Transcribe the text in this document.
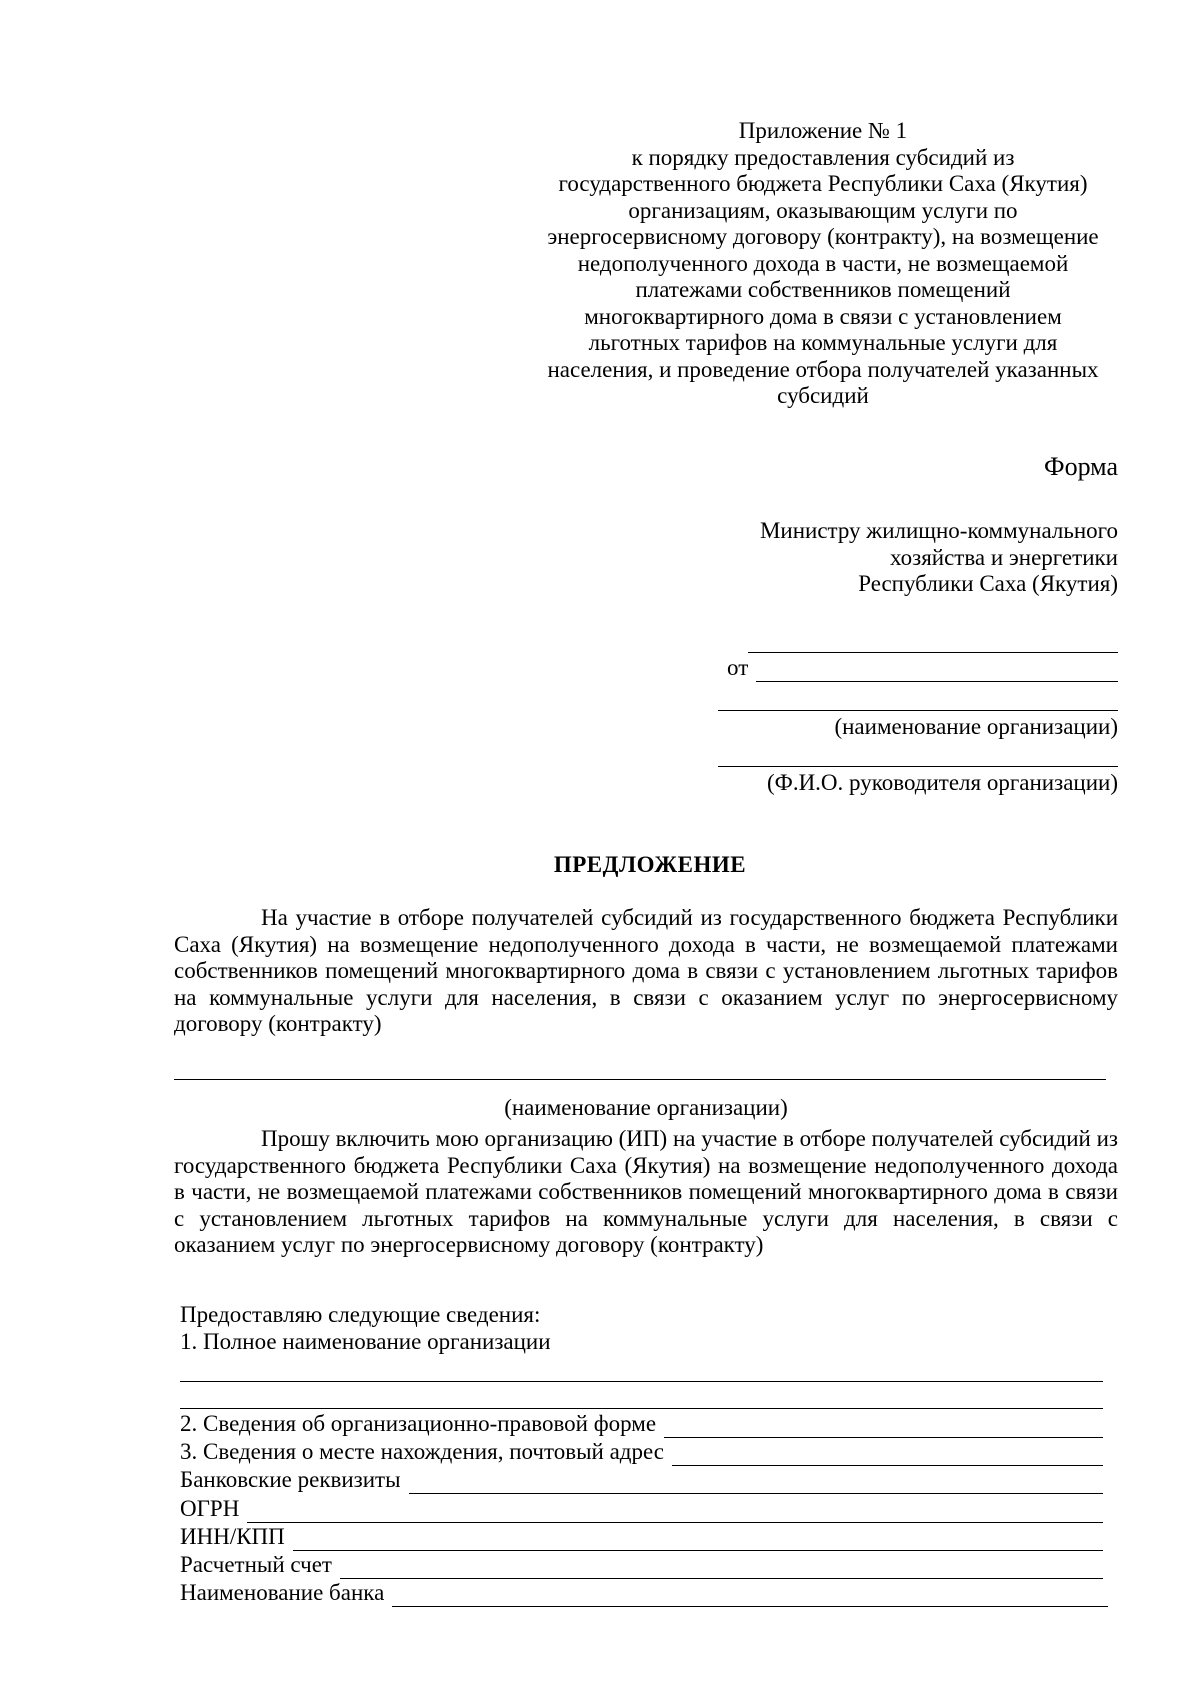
Приложение № 1
к порядку предоставления субсидий из
государственного бюджета Республики Саха (Якутия)
организациям, оказывающим услуги по
энергосервисному договору (контракту), на возмещение
недополученного дохода в части, не возмещаемой
платежами собственников помещений
многоквартирного дома в связи с установлением
льготных тарифов на коммунальные услуги для
населения, и проведение отбора получателей указанных
субсидий
Форма
Министру жилищно-коммунального
хозяйства и энергетики
Республики Саха (Якутия)
от
(наименование организации)
(Ф.И.О. руководителя организации)
ПРЕДЛОЖЕНИЕ
На участие в отборе получателей субсидий из государственного бюджета Республики Саха (Якутия) на возмещение недополученного дохода в части, не возмещаемой платежами собственников помещений многоквартирного дома в связи с установлением льготных тарифов на коммунальные услуги для населения, в связи с оказанием услуг по энергосервисному договору (контракту)
(наименование организации)
Прошу включить мою организацию (ИП) на участие в отборе получателей субсидий из государственного бюджета Республики Саха (Якутия) на возмещение недополученного дохода в части, не возмещаемой платежами собственников помещений многоквартирного дома в связи с установлением льготных тарифов на коммунальные услуги для населения, в связи с оказанием услуг по энергосервисному договору (контракту)
Предоставляю следующие сведения:
1. Полное наименование организации
2. Сведения об организационно-правовой форме
3. Сведения о месте нахождения, почтовый адрес
Банковские реквизиты
ОГРН
ИНН/КПП
Расчетный счет
Наименование банка
